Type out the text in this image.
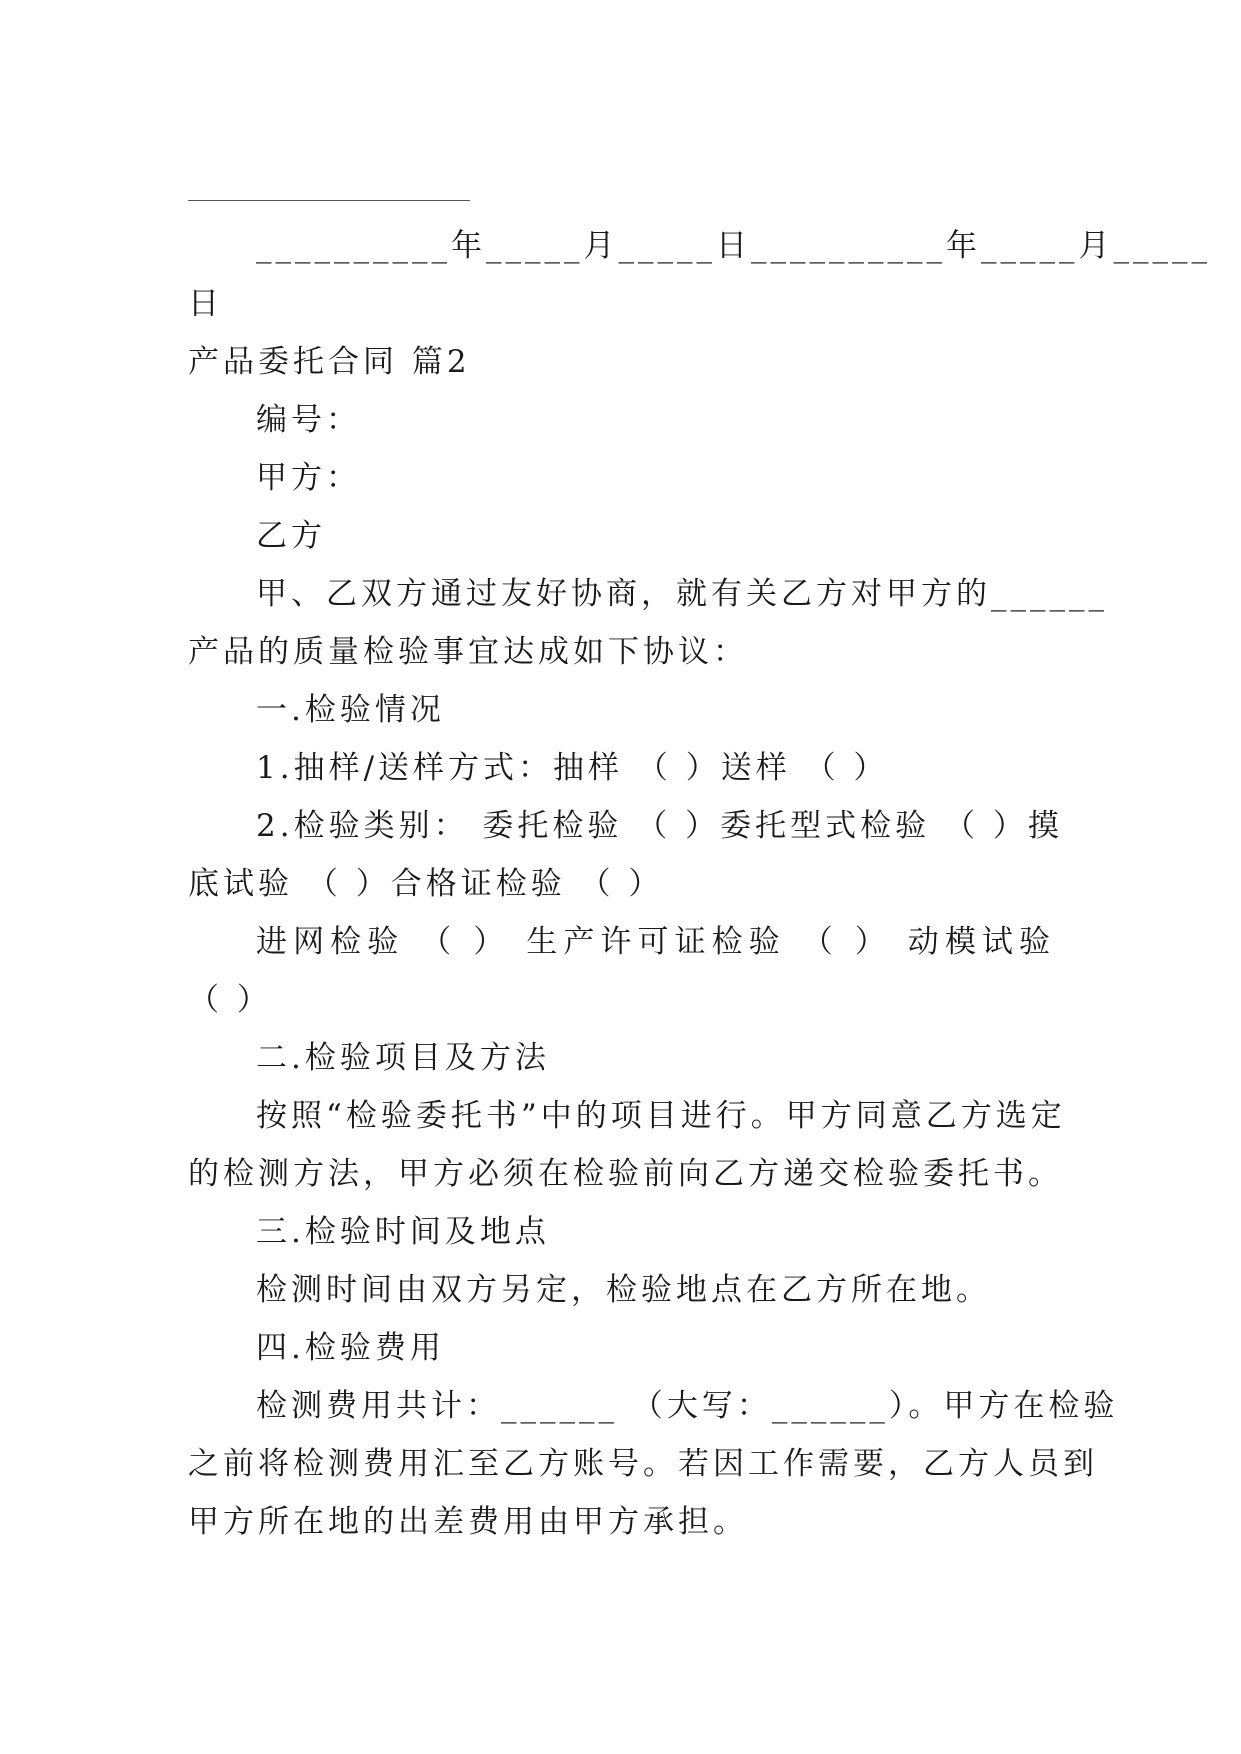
__________年_____月_____日__________年_____月_____
日
产品委托合同 篇2
编号：
甲方：
乙方
甲、乙双方通过友好协商，就有关乙方对甲方的______
产品的质量检验事宜达成如下协议：
一.检验情况
1.抽样/送样方式：抽样 （ ）送样 （ ）
2.检验类别： 委托检验 （ ）委托型式检验 （ ）摸
底试验 （ ）合格证检验 （ ）
进网检验 （ ） 生产许可证检验 （ ） 动模试验
（ ）
二.检验项目及方法
按照“检验委托书”中的项目进行。甲方同意乙方选定
的检测方法，甲方必须在检验前向乙方递交检验委托书。
三.检验时间及地点
检测时间由双方另定，检验地点在乙方所在地。
四.检验费用
检测费用共计：______ （大写：______）。甲方在检验
之前将检测费用汇至乙方账号。若因工作需要，乙方人员到
甲方所在地的出差费用由甲方承担。
